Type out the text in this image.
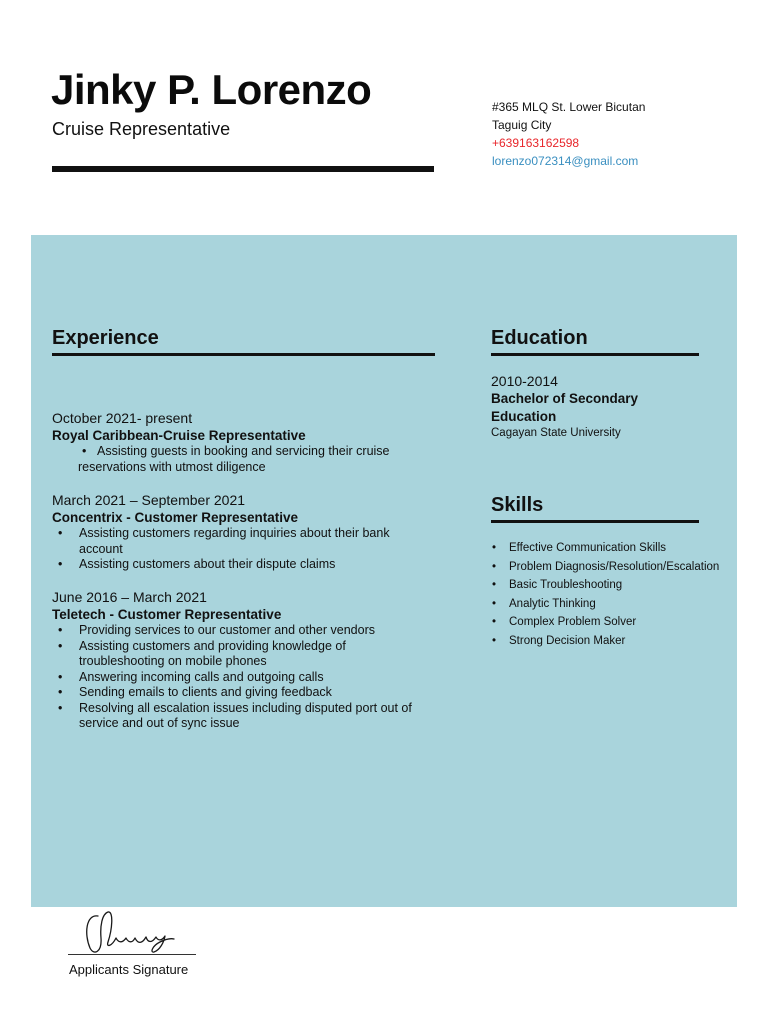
Jinky P. Lorenzo
Cruise Representative
#365 MLQ St. Lower Bicutan
Taguig City
+639163162598
lorenzo072314@gmail.com
Experience
October 2021- present
Royal Caribbean-Cruise Representative
• Assisting guests in booking and servicing their cruise reservations with utmost diligence
March 2021 – September 2021
Concentrix - Customer Representative
• Assisting customers regarding inquiries about their bank account
• Assisting customers about their dispute claims
June 2016 – March 2021
Teletech - Customer Representative
• Providing services to our customer and other vendors
• Assisting customers and providing knowledge of troubleshooting on mobile phones
• Answering incoming calls and outgoing calls
• Sending emails to clients and giving feedback
• Resolving all escalation issues including disputed port out of service and out of sync issue
Education
2010-2014
Bachelor of Secondary Education
Cagayan State University
Skills
• Effective Communication Skills
• Problem Diagnosis/Resolution/Escalation
• Basic Troubleshooting
• Analytic Thinking
• Complex Problem Solver
• Strong Decision Maker
Applicants Signature
